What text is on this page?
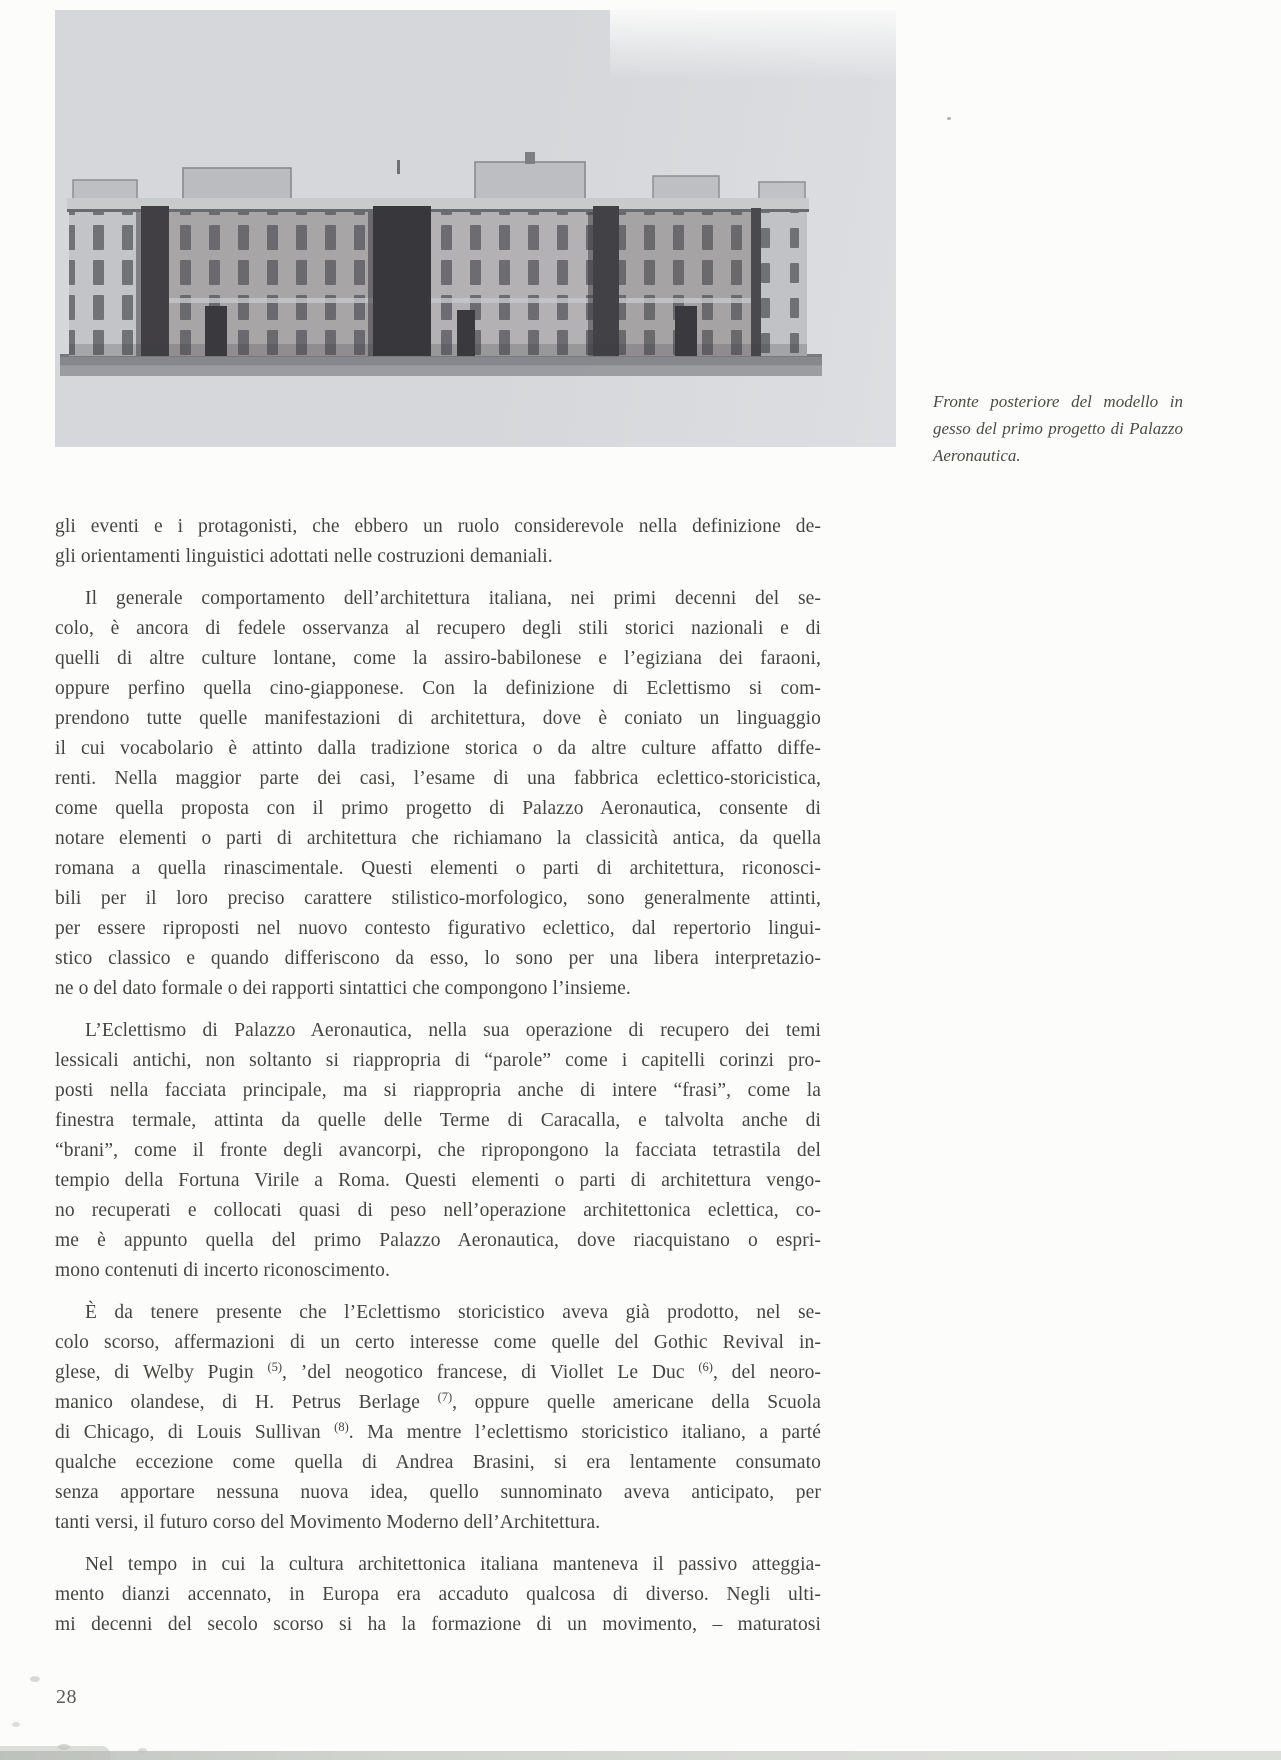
Fronte posteriore del modello in
gesso del primo progetto di Palazzo
Aeronautica.
gli eventi e i protagonisti, che ebbero un ruolo considerevole nella definizione de-
gli orientamenti linguistici adottati nelle costruzioni demaniali.
Il generale comportamento dell’architettura italiana, nei primi decenni del se-
colo, è ancora di fedele osservanza al recupero degli stili storici nazionali e di
quelli di altre culture lontane, come la assiro-babilonese e l’egiziana dei faraoni,
oppure perfino quella cino-giapponese. Con la definizione di Eclettismo si com-
prendono tutte quelle manifestazioni di architettura, dove è coniato un linguaggio
il cui vocabolario è attinto dalla tradizione storica o da altre culture affatto diffe-
renti. Nella maggior parte dei casi, l’esame di una fabbrica eclettico-storicistica,
come quella proposta con il primo progetto di Palazzo Aeronautica, consente di
notare elementi o parti di architettura che richiamano la classicità antica, da quella
romana a quella rinascimentale. Questi elementi o parti di architettura, riconosci-
bili per il loro preciso carattere stilistico-morfologico, sono generalmente attinti,
per essere riproposti nel nuovo contesto figurativo eclettico, dal repertorio lingui-
stico classico e quando differiscono da esso, lo sono per una libera interpretazio-
ne o del dato formale o dei rapporti sintattici che compongono l’insieme.
L’Eclettismo di Palazzo Aeronautica, nella sua operazione di recupero dei temi
lessicali antichi, non soltanto si riappropria di “parole” come i capitelli corinzi pro-
posti nella facciata principale, ma si riappropria anche di intere “frasi”, come la
finestra termale, attinta da quelle delle Terme di Caracalla, e talvolta anche di
“brani”, come il fronte degli avancorpi, che ripropongono la facciata tetrastila del
tempio della Fortuna Virile a Roma. Questi elementi o parti di architettura vengo-
no recuperati e collocati quasi di peso nell’operazione architettonica eclettica, co-
me è appunto quella del primo Palazzo Aeronautica, dove riacquistano o espri-
mono contenuti di incerto riconoscimento.
È da tenere presente che l’Eclettismo storicistico aveva già prodotto, nel se-
colo scorso, affermazioni di un certo interesse come quelle del Gothic Revival in-
glese, di Welby Pugin $^{(5)}$, ’del neogotico francese, di Viollet Le Duc $^{(6)}$, del neoro-
manico olandese, di H. Petrus Berlage $^{(7)}$, oppure quelle americane della Scuola
di Chicago, di Louis Sullivan $^{(8)}$. Ma mentre l’eclettismo storicistico italiano, a parté
qualche eccezione come quella di Andrea Brasini, si era lentamente consumato
senza apportare nessuna nuova idea, quello sunnominato aveva anticipato, per
tanti versi, il futuro corso del Movimento Moderno dell’Architettura.
Nel tempo in cui la cultura architettonica italiana manteneva il passivo atteggia-
mento dianzi accennato, in Europa era accaduto qualcosa di diverso. Negli ulti-
mi decenni del secolo scorso si ha la formazione di un movimento, – maturatosi
28
